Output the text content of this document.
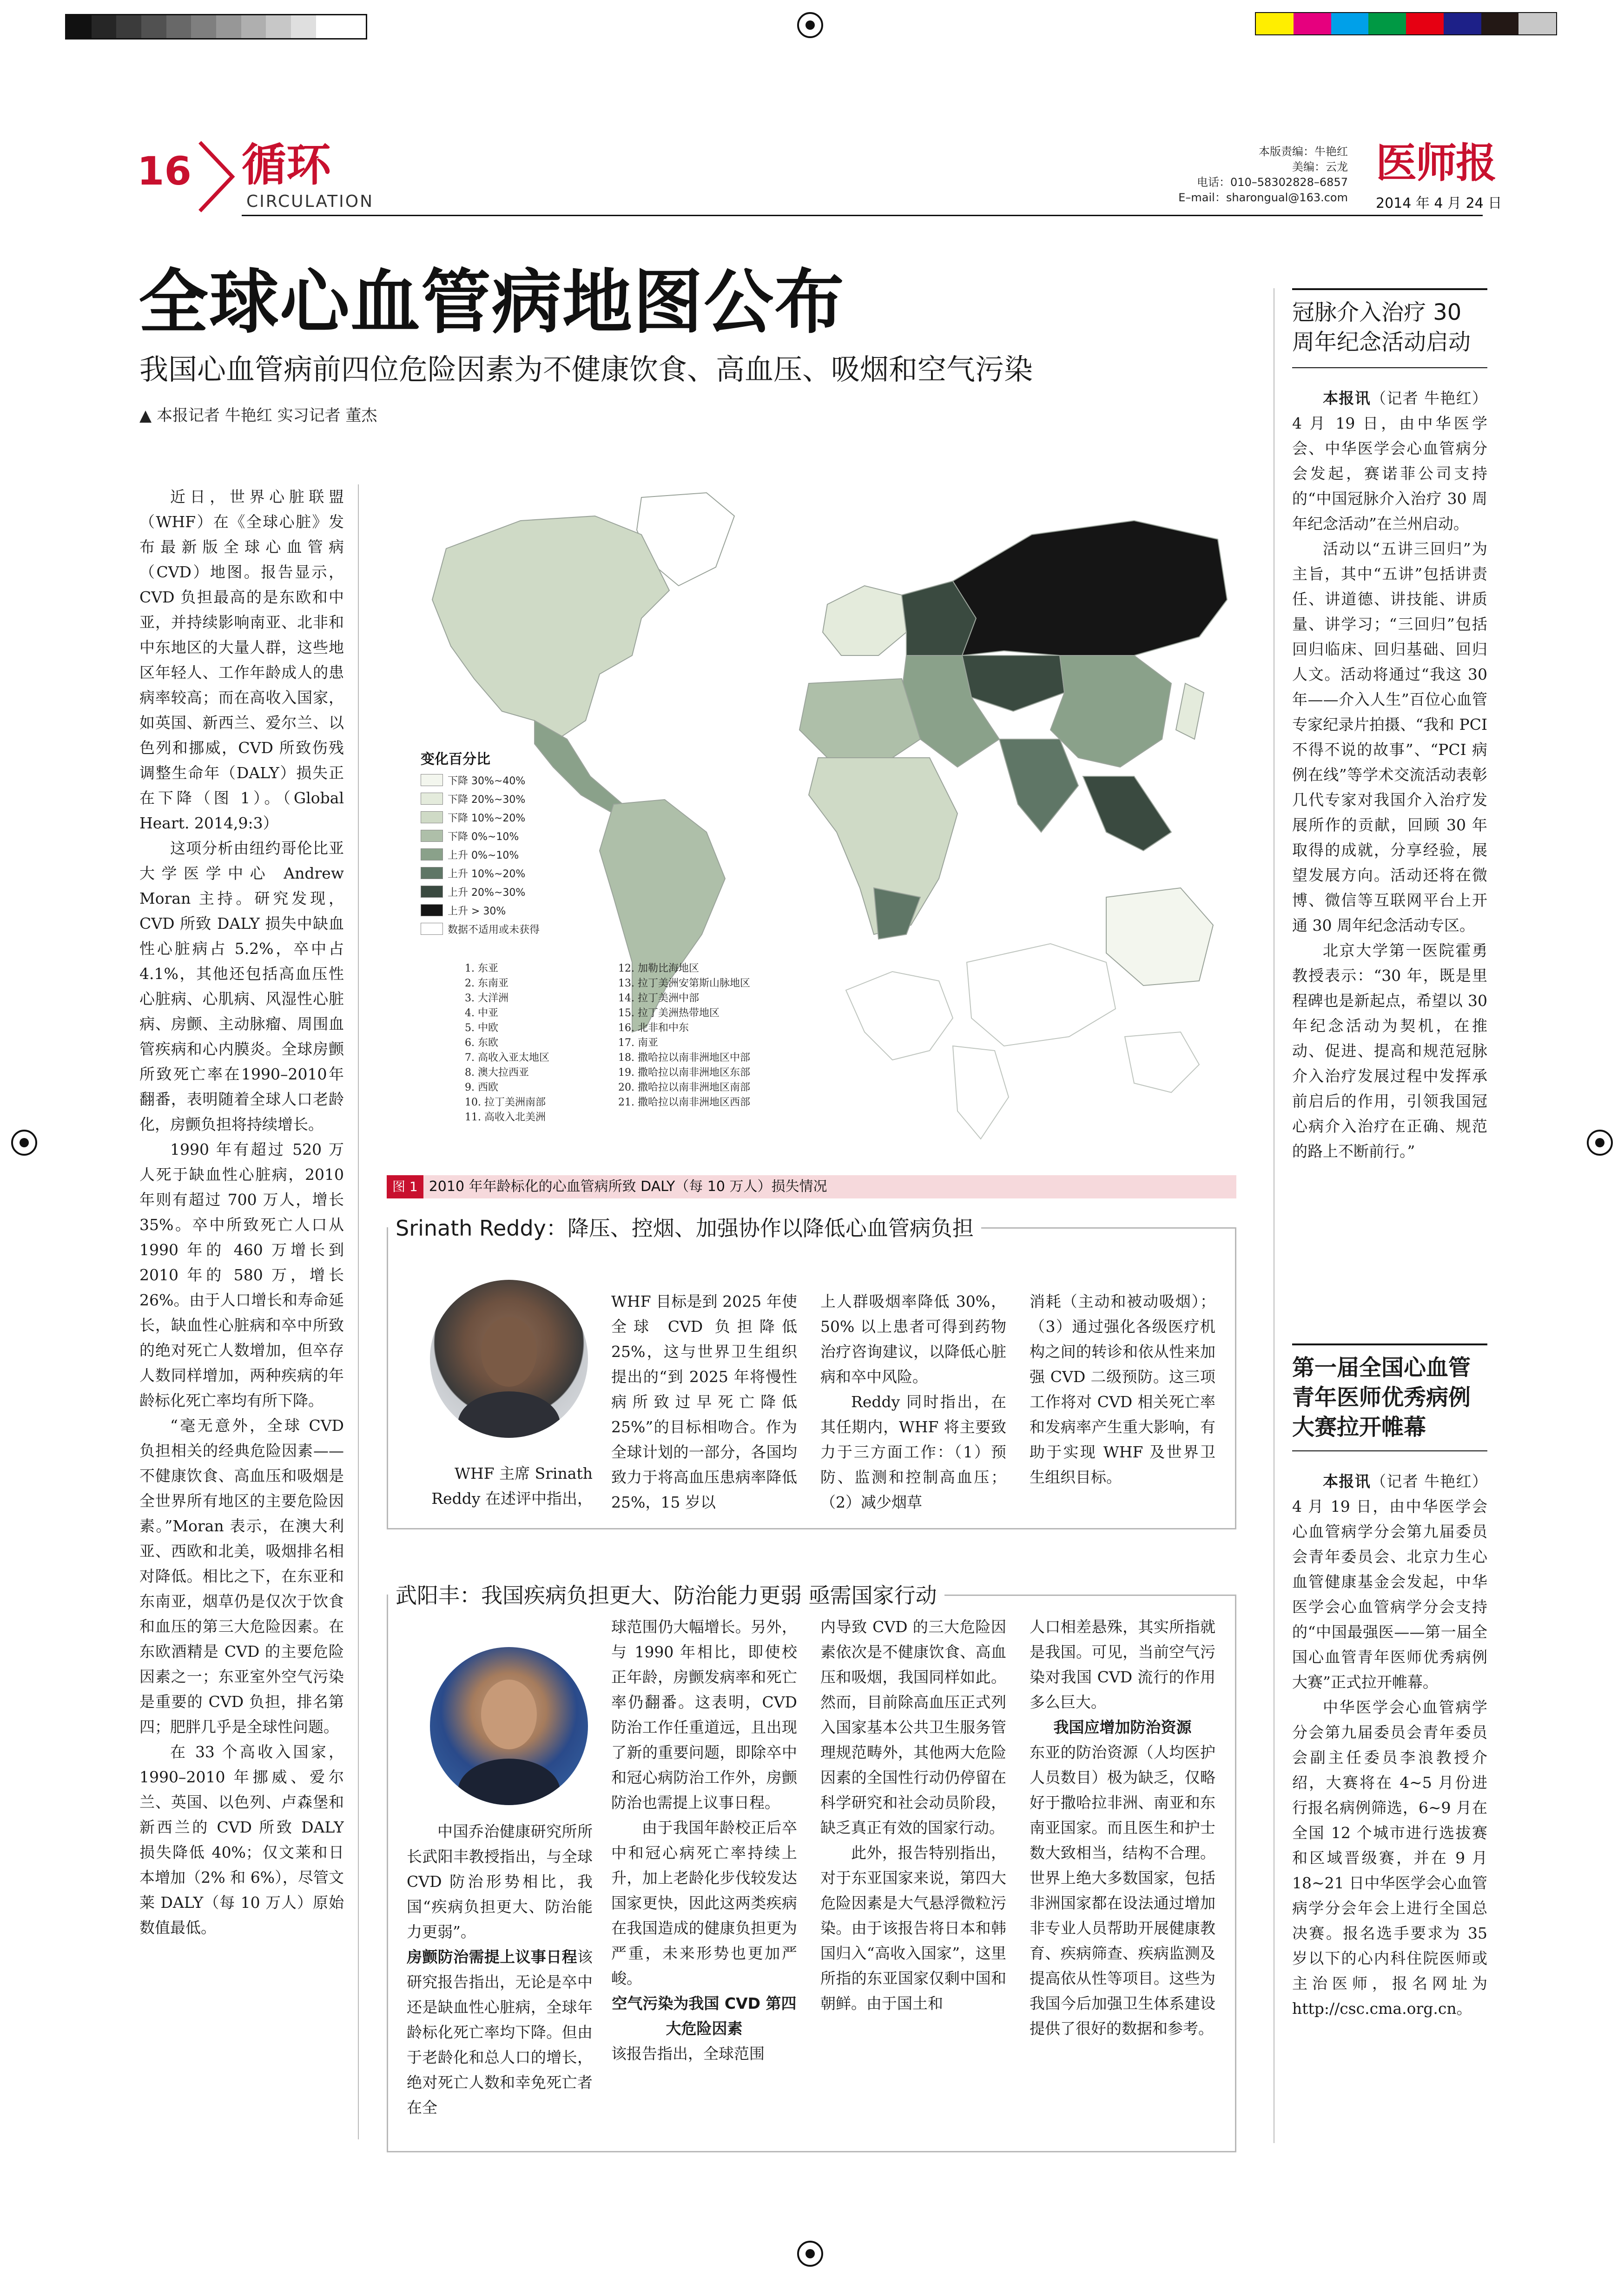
16 循环
CIRCULATION
本版责编：牛艳红
美编：云龙
电话：010–58302828–6857
E–mail：sharongual@163.com
医师报
2014 年 4 月 24 日
全球心血管病地图公布
我国心血管病前四位危险因素为不健康饮食、高血压、吸烟和空气污染
▲ 本报记者 牛艳红 实习记者 董杰

近日，世界心脏联盟（WHF）在《全球心脏》发布最新版全球心血管病（CVD）地图。报告显示，CVD 负担最高的是东欧和中亚，并持续影响南亚、北非和中东地区的大量人群，这些地区年轻人、工作年龄成人的患病率较高；而在高收入国家，如英国、新西兰、爱尔兰、以色列和挪威，CVD 所致伤残调整生命年（DALY）损失正在下降（图 1）。（Global Heart. 2014,9:3）

这项分析由纽约哥伦比亚大学医学中心 Andrew Moran 主持。研究发现，CVD 所致 DALY 损失中缺血性心脏病占 5.2%，卒中占 4.1%，其他还包括高血压性心脏病、心肌病、风湿性心脏病、房颤、主动脉瘤、周围血管疾病和心内膜炎。全球房颤所致死亡率在1990–2010年翻番，表明随着全球人口老龄化，房颤负担将持续增长。

1990 年有超过 520 万人死于缺血性心脏病，2010 年则有超过 700 万人，增长 35%。卒中所致死亡人口从 1990 年的 460 万增长到 2010 年的 580 万，增长 26%。由于人口增长和寿命延长，缺血性心脏病和卒中所致的绝对死亡人数增加，但卒存人数同样增加，两种疾病的年龄标化死亡率均有所下降。

“毫无意外，全球 CVD 负担相关的经典危险因素——不健康饮食、高血压和吸烟是全世界所有地区的主要危险因素。”Moran 表示，在澳大利亚、西欧和北美，吸烟排名相对降低。相比之下，在东亚和东南亚，烟草仍是仅次于饮食和血压的第三大危险因素。在东欧酒精是 CVD 的主要危险因素之一；东亚室外空气污染是重要的 CVD 负担，排名第四；肥胖几乎是全球性问题。

在 33 个高收入国家，1990–2010 年挪威、爱尔兰、英国、以色列、卢森堡和新西兰的 CVD 所致 DALY 损失降低 40%；仅文莱和日本增加（2% 和 6%），尽管文莱 DALY（每 10 万人）原始数值最低。

变化百分比
下降 30%~40%
下降 20%~30%
下降 10%~20%
下降 0%~10%
上升 0%~10%
上升 10%~20%
上升 20%~30%
上升 > 30%
数据不适用或未获得
1. 东亚
2. 东南亚
3. 大洋洲
4. 中亚
5. 中欧
6. 东欧
7. 高收入亚太地区
8. 澳大拉西亚
9. 西欧
10. 拉丁美洲南部
11. 高收入北美洲
12. 加勒比海地区
13. 拉丁美洲安第斯山脉地区
14. 拉丁美洲中部
15. 拉丁美洲热带地区
16. 北非和中东
17. 南亚
18. 撒哈拉以南非洲地区中部
19. 撒哈拉以南非洲地区东部
20. 撒哈拉以南非洲地区南部
21. 撒哈拉以南非洲地区西部
图 1 2010 年年龄标化的心血管病所致 DALY（每 10 万人）损失情况
Srinath Reddy：降压、控烟、加强协作以降低心血管病负担

WHF 主席 Srinath Reddy 在述评中指出，

WHF 目标是到 2025 年使全球 CVD 负担降低 25%，这与世界卫生组织提出的“到 2025 年将慢性病所致过早死亡降低 25%”的目标相吻合。作为全球计划的一部分，各国均致力于将高血压患病率降低 25%，15 岁以

上人群吸烟率降低 30%，50% 以上患者可得到药物治疗咨询建议，以降低心脏病和卒中风险。

Reddy 同时指出，在其任期内，WHF 将主要致力于三方面工作：（1）预防、监测和控制高血压；（2）减少烟草

消耗（主动和被动吸烟）；（3）通过强化各级医疗机构之间的转诊和依从性来加强 CVD 二级预防。这三项工作将对 CVD 相关死亡率和发病率产生重大影响，有助于实现 WHF 及世界卫生组织目标。

武阳丰：我国疾病负担更大、防治能力更弱 亟需国家行动

中国乔治健康研究所所长武阳丰教授指出，与全球 CVD 防治形势相比，我国“疾病负担更大、防治能力更弱”。

房颤防治需提上议事日程该研究报告指出，无论是卒中还是缺血性心脏病，全球年龄标化死亡率均下降。但由于老龄化和总人口的增长，绝对死亡人数和幸免死亡者在全

球范围仍大幅增长。另外，与 1990 年相比，即使校正年龄，房颤发病率和死亡率仍翻番。这表明，CVD 防治工作任重道远，且出现了新的重要问题，即除卒中和冠心病防治工作外，房颤防治也需提上议事日程。

由于我国年龄校正后卒中和冠心病死亡率持续上升，加上老龄化步伐较发达国家更快，因此这两类疾病在我国造成的健康负担更为严重，未来形势也更加严峻。

空气污染为我国 CVD 第四大危险因素

该报告指出，全球范围

内导致 CVD 的三大危险因素依次是不健康饮食、高血压和吸烟，我国同样如此。然而，目前除高血压正式列入国家基本公共卫生服务管理规范畴外，其他两大危险因素的全国性行动仍停留在科学研究和社会动员阶段，缺乏真正有效的国家行动。

此外，报告特别指出，对于东亚国家来说，第四大危险因素是大气悬浮微粒污染。由于该报告将日本和韩国归入“高收入国家”，这里所指的东亚国家仅剩中国和朝鲜。由于国土和

人口相差悬殊，其实所指就是我国。可见，当前空气污染对我国 CVD 流行的作用多么巨大。

我国应增加防治资源

东亚的防治资源（人均医护人员数目）极为缺乏，仅略好于撒哈拉非洲、南亚和东南亚国家。而且医生和护士数大致相当，结构不合理。世界上绝大多数国家，包括非洲国家都在设法通过增加非专业人员帮助开展健康教育、疾病筛查、疾病监测及提高依从性等项目。这些为我国今后加强卫生体系建设提供了很好的数据和参考。

冠脉介入治疗 30 周年纪念活动启动

本报讯（记者 牛艳红）4 月 19 日，由中华医学会、中华医学会心血管病分会发起，赛诺菲公司支持的“中国冠脉介入治疗 30 周年纪念活动”在兰州启动。

活动以“五讲三回归”为主旨，其中“五讲”包括讲责任、讲道德、讲技能、讲质量、讲学习；“三回归”包括回归临床、回归基础、回归人文。活动将通过“我这 30 年——介入人生”百位心血管专家纪录片拍摄、“我和 PCI 不得不说的故事”、“PCI 病例在线”等学术交流活动表彰几代专家对我国介入治疗发展所作的贡献，回顾 30 年取得的成就，分享经验，展望发展方向。活动还将在微博、微信等互联网平台上开通 30 周年纪念活动专区。

北京大学第一医院霍勇教授表示：“30 年，既是里程碑也是新起点，希望以 30 年纪念活动为契机，在推动、促进、提高和规范冠脉介入治疗发展过程中发挥承前启后的作用，引领我国冠心病介入治疗在正确、规范的路上不断前行。”

第一届全国心血管青年医师优秀病例大赛拉开帷幕

本报讯（记者 牛艳红）4 月 19 日，由中华医学会心血管病学分会第九届委员会青年委员会、北京力生心血管健康基金会发起，中华医学会心血管病学分会支持的“中国最强医——第一届全国心血管青年医师优秀病例大赛”正式拉开帷幕。

中华医学会心血管病学分会第九届委员会青年委员会副主任委员李浪教授介绍，大赛将在 4~5 月份进行报名病例筛选，6~9 月在全国 12 个城市进行选拔赛和区域晋级赛，并在 9 月 18~21 日中华医学会心血管病学分会年会上进行全国总决赛。报名选手要求为 35 岁以下的心内科住院医师或主治医师，报名网址为 http://csc.cma.org.cn。
